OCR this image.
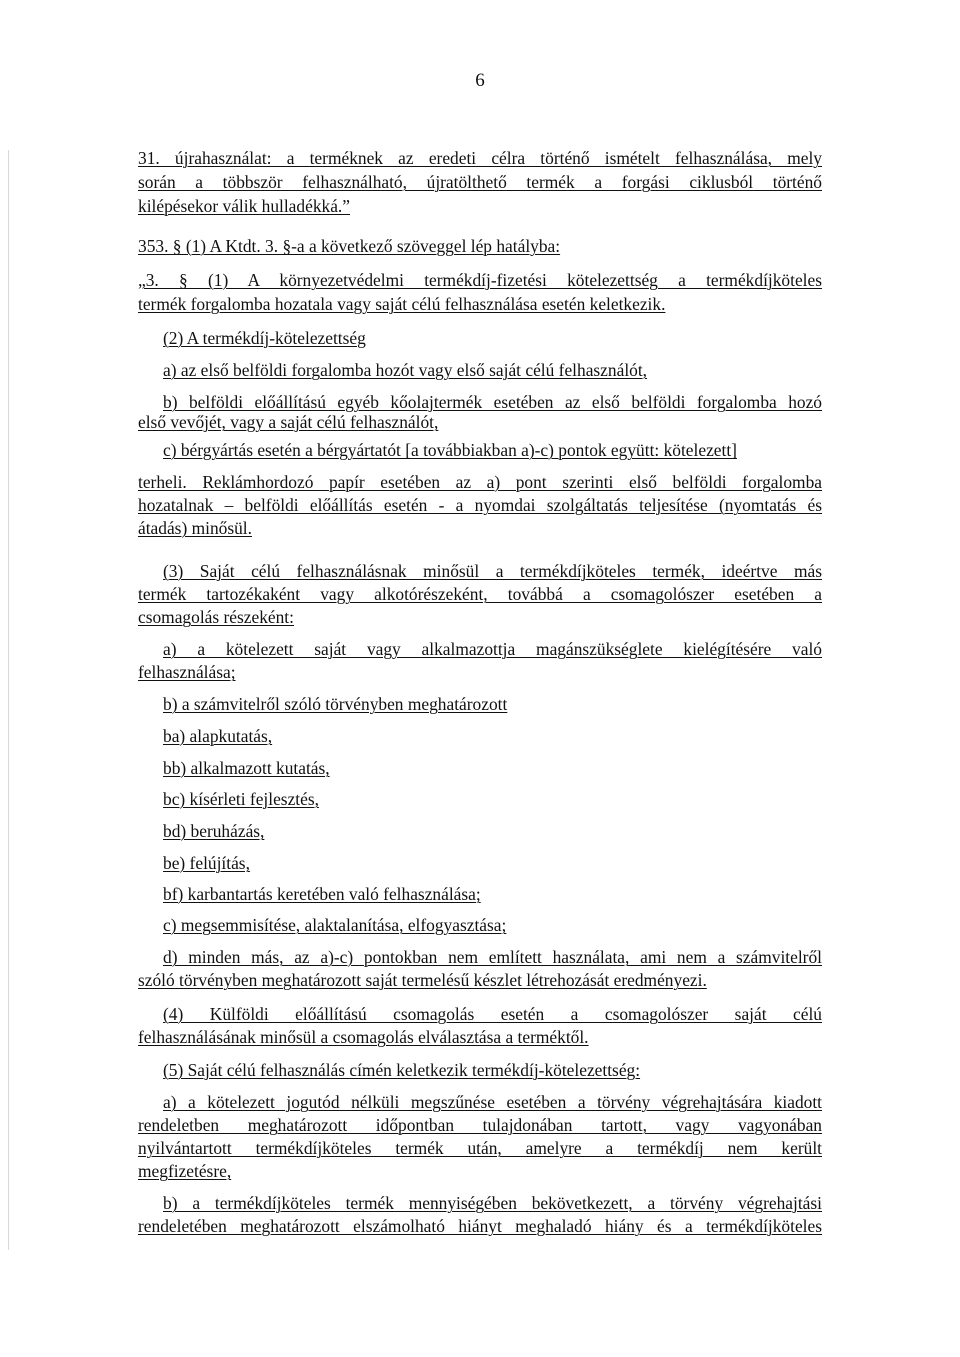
6
31. újrahasználat: a terméknek az eredeti célra történő ismételt felhasználása, mely
során a többször felhasználható, újratölthető termék a forgási ciklusból történő
kilépésekor válik hulladékká.”
353. § (1) A Ktdt. 3. §-a a következő szöveggel lép hatályba:
„3. § (1) A környezetvédelmi termékdíj-fizetési kötelezettség a termékdíjköteles
termék forgalomba hozatala vagy saját célú felhasználása esetén keletkezik.
(2) A termékdíj-kötelezettség
a) az első belföldi forgalomba hozót vagy első saját célú felhasználót,
b) belföldi előállítású egyéb kőolajtermék esetében az első belföldi forgalomba hozó
első vevőjét, vagy a saját célú felhasználót,
c) bérgyártás esetén a bérgyártatót [a továbbiakban a)-c) pontok együtt: kötelezett]
terheli. Reklámhordozó papír esetében az a) pont szerinti első belföldi forgalomba
hozatalnak – belföldi előállítás esetén - a nyomdai szolgáltatás teljesítése (nyomtatás és
átadás) minősül.
(3) Saját célú felhasználásnak minősül a termékdíjköteles termék, ideértve más
termék tartozékaként vagy alkotórészeként, továbbá a csomagolószer esetében a
csomagolás részeként:
a) a kötelezett saját vagy alkalmazottja magánszükséglete kielégítésére való
felhasználása;
b) a számvitelről szóló törvényben meghatározott
ba) alapkutatás,
bb) alkalmazott kutatás,
bc) kísérleti fejlesztés,
bd) beruházás,
be) felújítás,
bf) karbantartás keretében való felhasználása;
c) megsemmisítése, alaktalanítása, elfogyasztása;
d) minden más, az a)-c) pontokban nem említett használata, ami nem a számvitelről
szóló törvényben meghatározott saját termelésű készlet létrehozását eredményezi.
(4) Külföldi előállítású csomagolás esetén a csomagolószer saját célú
felhasználásának minősül a csomagolás elválasztása a terméktől.
(5) Saját célú felhasználás címén keletkezik termékdíj-kötelezettség:
a) a kötelezett jogutód nélküli megszűnése esetében a törvény végrehajtására kiadott
rendeletben meghatározott időpontban tulajdonában tartott, vagy vagyonában
nyilvántartott termékdíjköteles termék után, amelyre a termékdíj nem került
megfizetésre,
b) a termékdíjköteles termék mennyiségében bekövetkezett, a törvény végrehajtási
rendeletében meghatározott elszámolható hiányt meghaladó hiány és a termékdíjköteles
